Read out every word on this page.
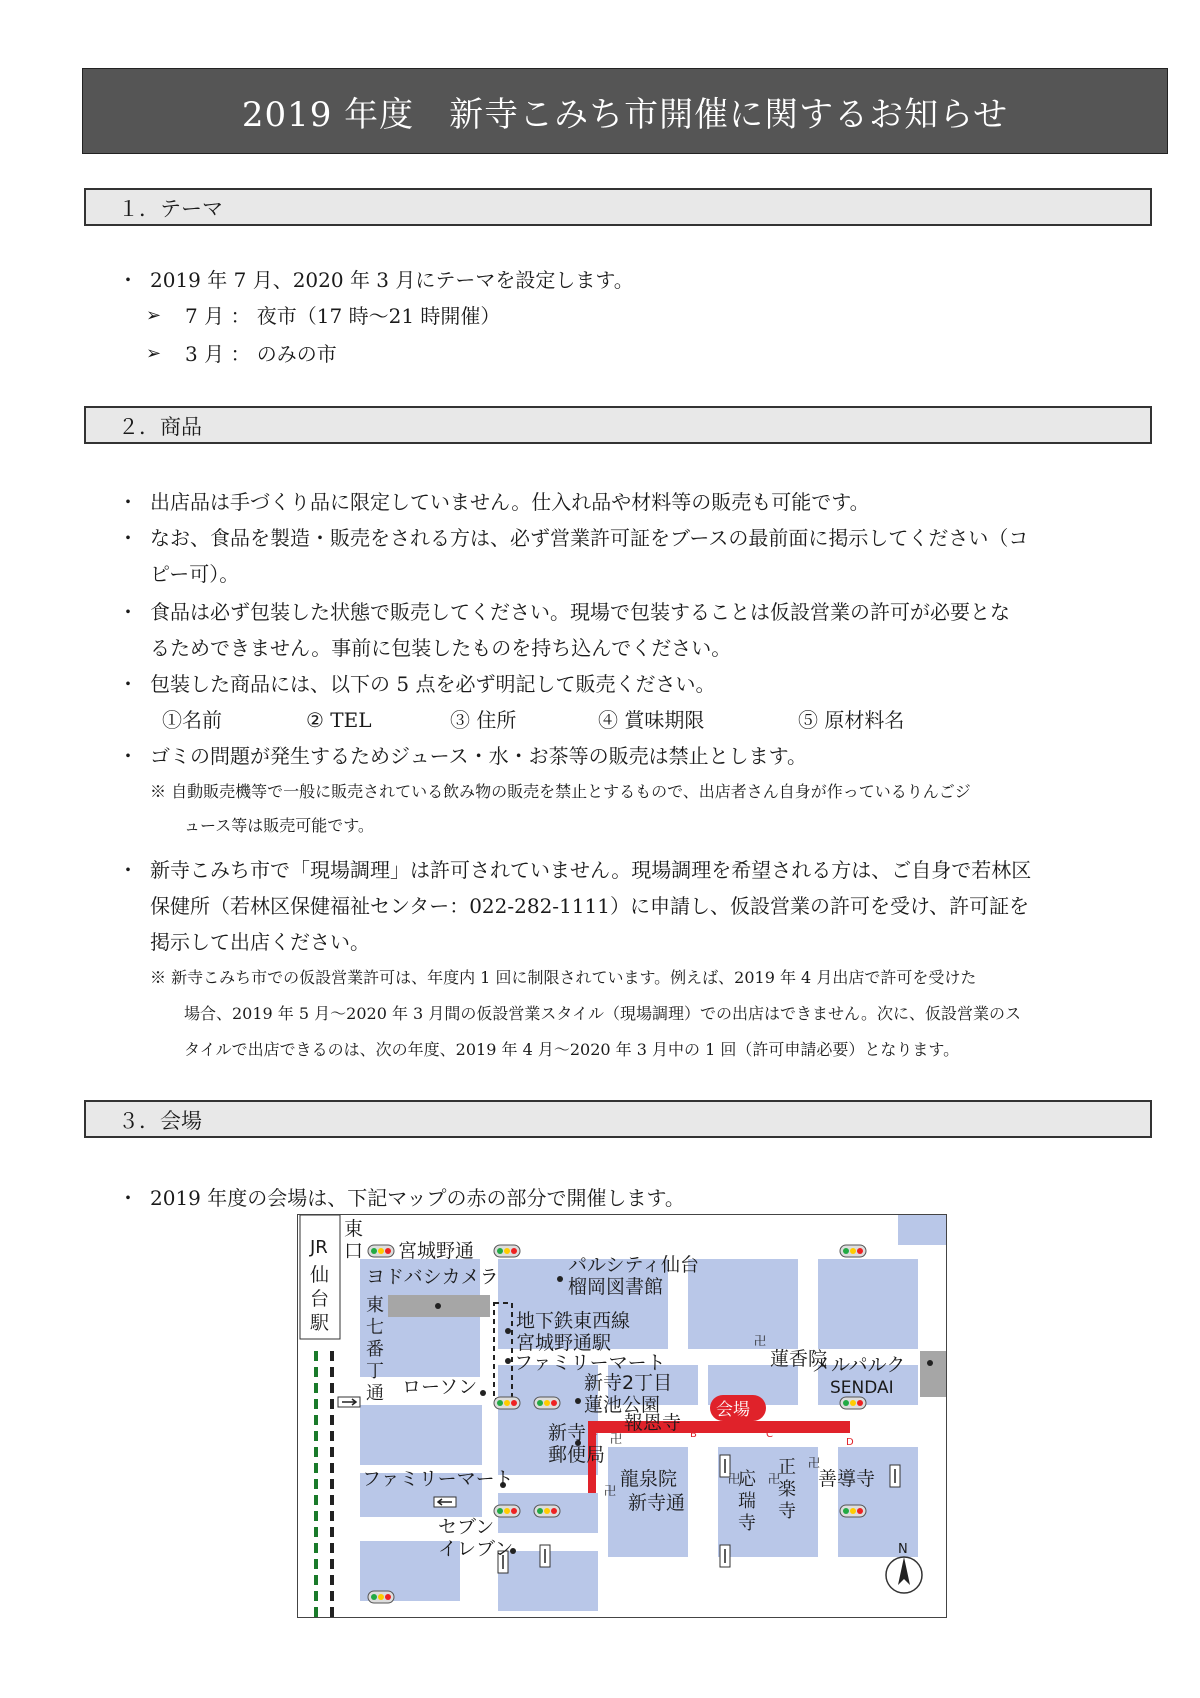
2019 年度　新寺こみち市開催に関するお知らせ
１．テーマ
・ 2019 年 7 月、2020 年 3 月にテーマを設定します。
➢ 7 月 ： 夜市（17 時～21 時開催）
➢ 3 月 ： のみの市
２．商品
・ 出店品は手づくり品に限定していません。仕入れ品や材料等の販売も可能です。
・ なお、食品を製造・販売をされる方は、必ず営業許可証をブースの最前面に掲示してください（コ
ピー可）。
・ 食品は必ず包装した状態で販売してください。現場で包装することは仮設営業の許可が必要とな
るためできません。事前に包装したものを持ち込んでください。
・ 包装した商品には、以下の 5 点を必ず明記して販売ください。
①名前	② TEL	③ 住所	④ 賞味期限	⑤ 原材料名
・ ゴミの問題が発生するためジュース・水・お茶等の販売は禁止とします。
※ 自動販売機等で一般に販売されている飲み物の販売を禁止とするもので、出店者さん自身が作っているりんごジ
ュース等は販売可能です。
・ 新寺こみち市で「現場調理」は許可されていません。現場調理を希望される方は、ご自身で若林区
保健所（若林区保健福祉センター：022-282-1111）に申請し、仮設営業の許可を受け、許可証を
掲示して出店ください。
※ 新寺こみち市での仮設営業許可は、年度内 1 回に制限されています。例えば、2019 年 4 月出店で許可を受けた
場合、2019 年 5 月～2020 年 3 月間の仮設営業スタイル（現場調理）での出店はできません。次に、仮設営業のス
タイルで出店できるのは、次の年度、2019 年 4 月～2020 年 3 月中の 1 回（許可申請必要）となります。
３．会場
・ 2019 年度の会場は、下記マップの赤の部分で開催します。
卍
卍
卍
卍 卍
卍
JR
仙
台
駅
東
口 宮城野通
ヨドバシカメラ
東
七
番
丁
通
パルシティ仙台
榴岡図書館
地下鉄東西線
宮城野通駅
ファミリーマート
ローソン
蓮香院
メルパルク
SENDAI
新寺2丁目
蓮池公園
報恩寺
会場
新寺
郵便局
ファミリーマート	龍泉院
新寺通
応
瑞
寺
正
楽
寺
善導寺
セブン
イレブン	N
A	B	C
D
